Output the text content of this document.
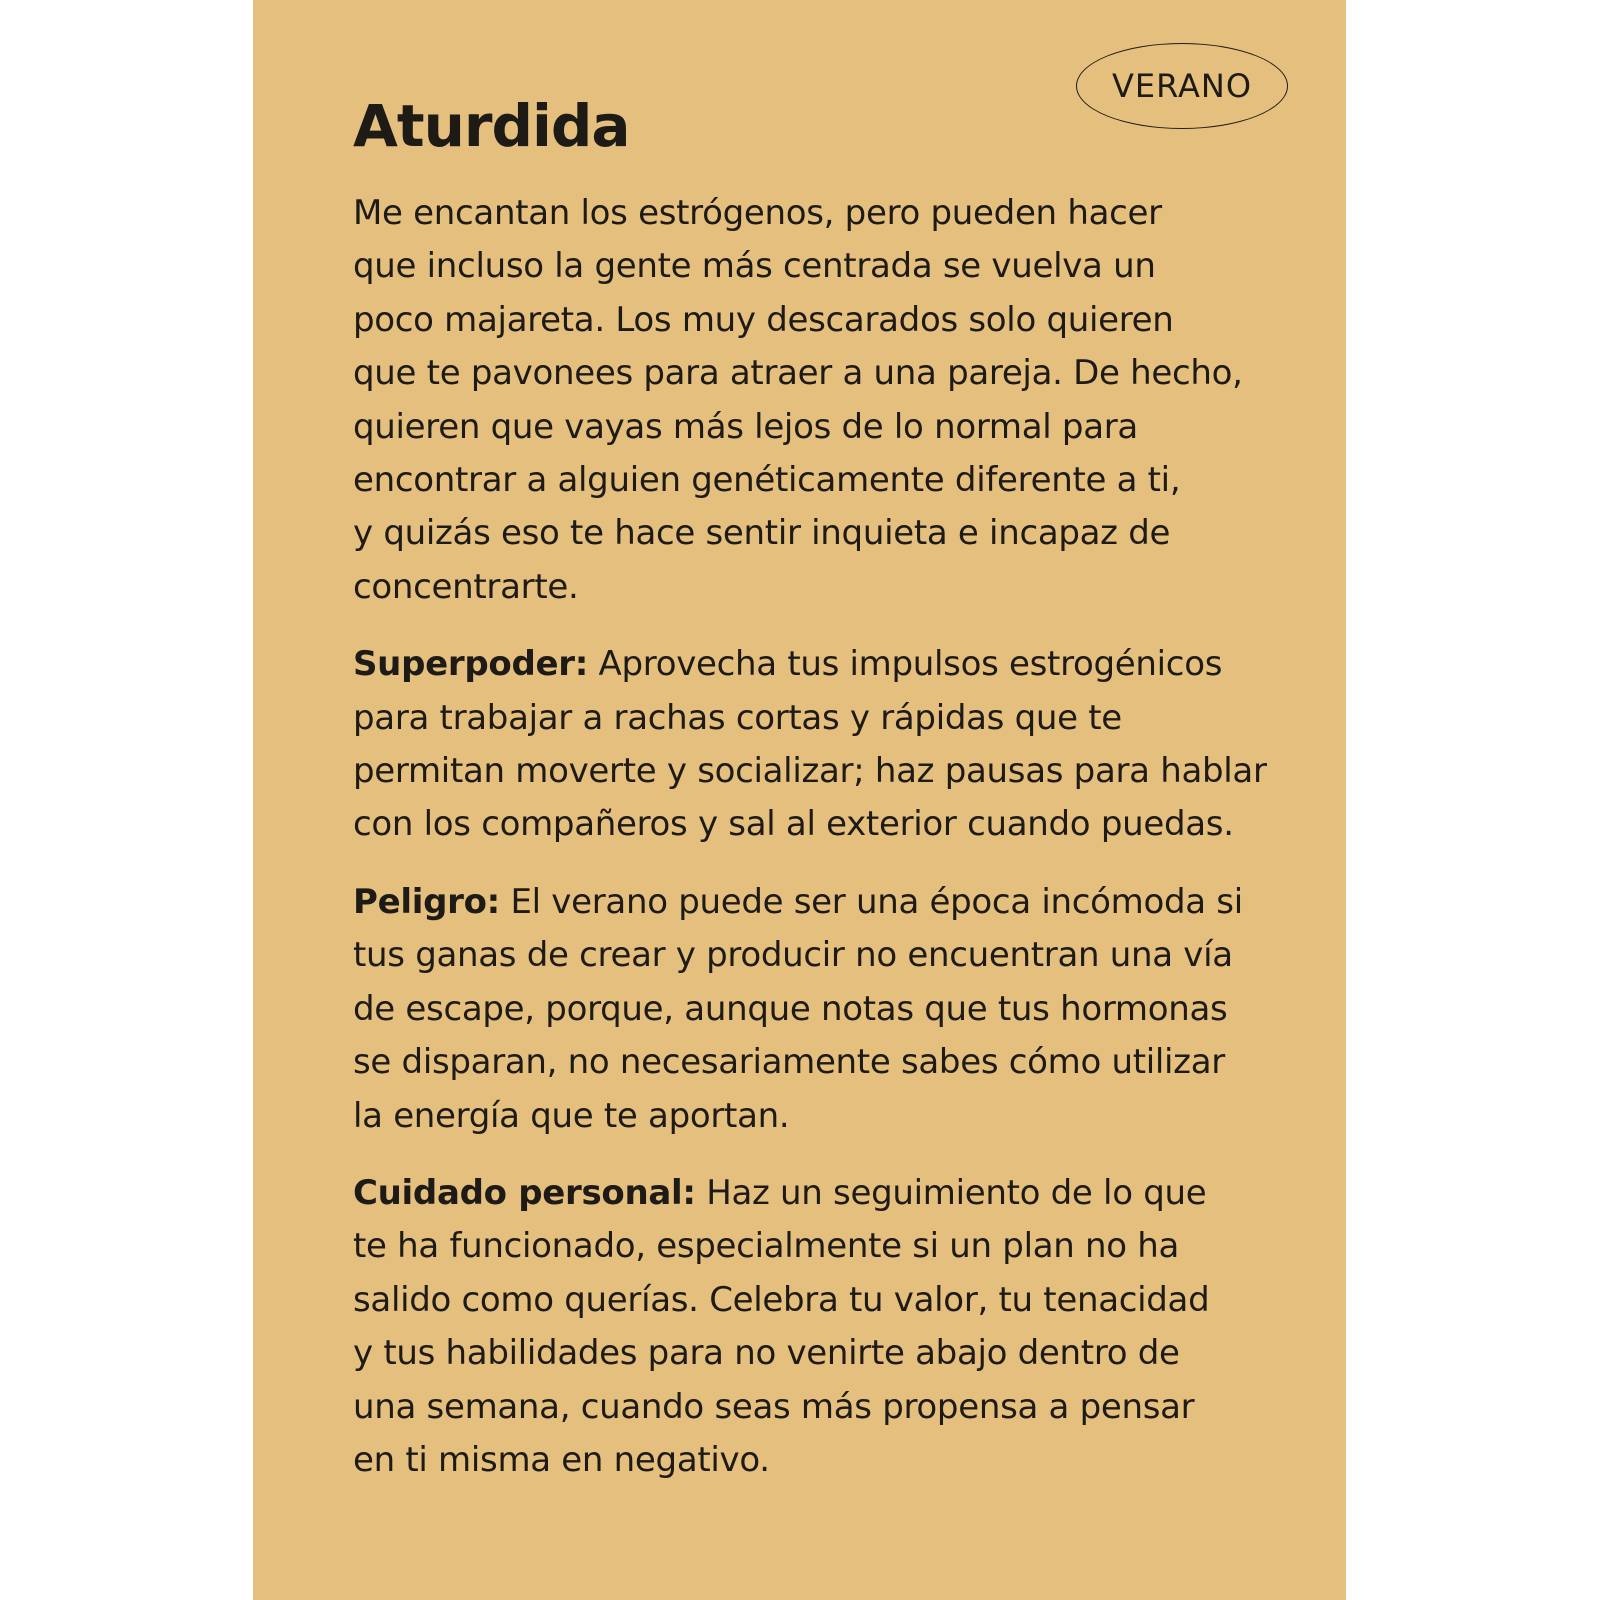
VERANO
Aturdida

Me encantan los estrógenos, pero pueden hacer
que incluso la gente más centrada se vuelva un
poco majareta. Los muy descarados solo quieren
que te pavonees para atraer a una pareja. De hecho,
quieren que vayas más lejos de lo normal para
encontrar a alguien genéticamente diferente a ti,
y quizás eso te hace sentir inquieta e incapaz de
concentrarte.

Superpoder: Aprovecha tus impulsos estrogénicos
para trabajar a rachas cortas y rápidas que te
permitan moverte y socializar; haz pausas para hablar
con los compañeros y sal al exterior cuando puedas.

Peligro: El verano puede ser una época incómoda si
tus ganas de crear y producir no encuentran una vía
de escape, porque, aunque notas que tus hormonas
se disparan, no necesariamente sabes cómo utilizar
la energía que te aportan.

Cuidado personal: Haz un seguimiento de lo que
te ha funcionado, especialmente si un plan no ha
salido como querías. Celebra tu valor, tu tenacidad
y tus habilidades para no venirte abajo dentro de
una semana, cuando seas más propensa a pensar
en ti misma en negativo.
